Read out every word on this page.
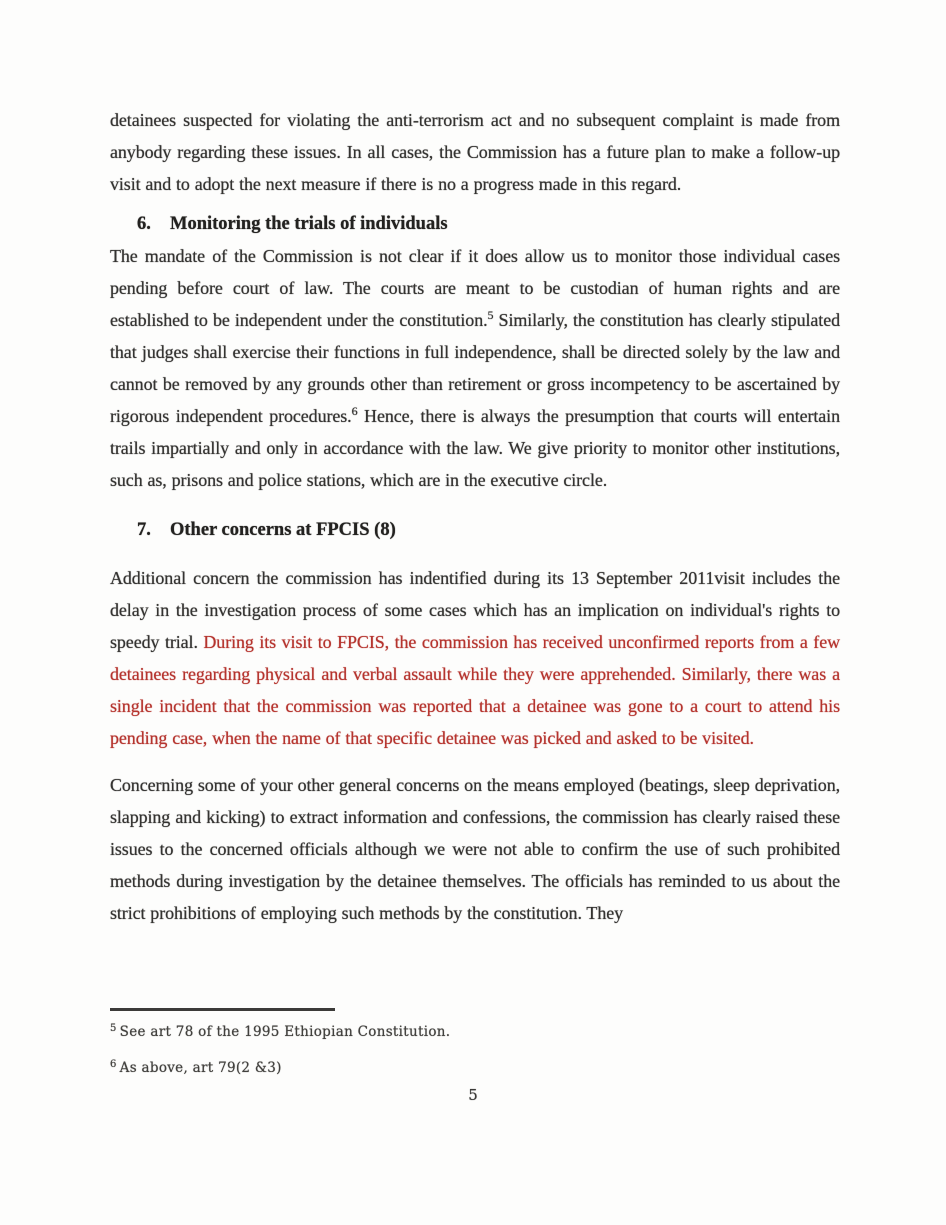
detainees suspected for violating the anti-terrorism act and no subsequent complaint is made from anybody regarding these issues. In all cases, the Commission has a future plan to make a follow-up visit and to adopt the next measure if there is no a progress made in this regard.

6. Monitoring the trials of individuals

The mandate of the Commission is not clear if it does allow us to monitor those individual cases pending before court of law. The courts are meant to be custodian of human rights and are established to be independent under the constitution.$^5$ Similarly, the constitution has clearly stipulated that judges shall exercise their functions in full independence, shall be directed solely by the law and cannot be removed by any grounds other than retirement or gross incompetency to be ascertained by rigorous independent procedures.$^6$ Hence, there is always the presumption that courts will entertain trails impartially and only in accordance with the law. We give priority to monitor other institutions, such as, prisons and police stations, which are in the executive circle.

7. Other concerns at FPCIS (8)

Additional concern the commission has indentified during its 13 September 2011visit includes the delay in the investigation process of some cases which has an implication on individual's rights to speedy trial. During its visit to FPCIS, the commission has received unconfirmed reports from a few detainees regarding physical and verbal assault while they were apprehended. Similarly, there was a single incident that the commission was reported that a detainee was gone to a court to attend his pending case, when the name of that specific detainee was picked and asked to be visited.

Concerning some of your other general concerns on the means employed (beatings, sleep deprivation, slapping and kicking) to extract information and confessions, the commission has clearly raised these issues to the concerned officials although we were not able to confirm the use of such prohibited methods during investigation by the detainee themselves. The officials has reminded to us about the strict prohibitions of employing such methods by the constitution. They

$^5$ See art 78 of the 1995 Ethiopian Constitution.

$^6$ As above, art 79(2 &3)

5
